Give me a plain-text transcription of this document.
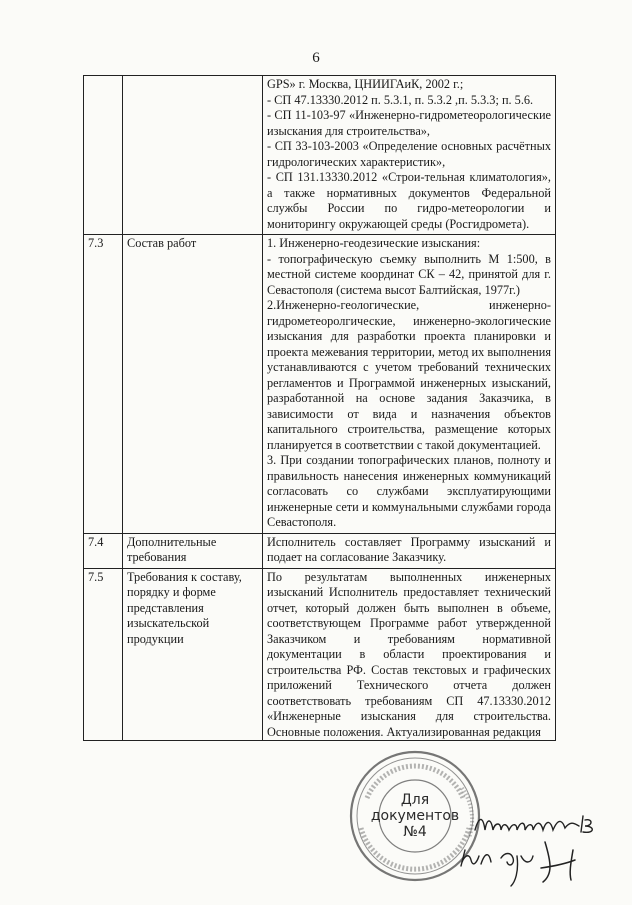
6

		GPS» г. Москва, ЦНИИГАиК, 2002 г.;
- СП 47.13330.2012 п. 5.3.1, п. 5.3.2 ,п. 5.3.3; п. 5.6.
- СП 11-103-97 «Инженерно-гидрометеорологические изыскания для строительства»,
- СП 33-103-2003 «Определение основных расчётных гидрологических характеристик»,
- СП 131.13330.2012 «Строи-тельная климатология», а также нормативных документов Федеральной службы России по гидро-метеорологии и мониторингу окружающей среды (Росгидромета).

7.3	Состав работ	1. Инженерно-геодезические изыскания:
- топографическую съемку выполнить М 1:500, в местной системе координат СК – 42, принятой для г. Севастополя (система высот Балтийская, 1977г.)
2.Инженерно-геологические, инженерно-гидрометеоролгические, инженерно-экологические изыскания для разработки проекта планировки и проекта межевания территории, метод их выполнения устанавливаются с учетом требований технических регламентов и Программой инженерных изысканий, разработанной на основе задания Заказчика, в зависимости от вида и назначения объектов капитального строительства, размещение которых планируется в соответствии с такой документацией.
3. При создании топографических планов, полноту и правильность нанесения инженерных коммуникаций согласовать со службами эксплуатирующими инженерные сети и коммунальными службами города Севастополя.

7.4	Дополнительные требования	Исполнитель составляет Программу изысканий и подает на согласование Заказчику.

7.5	Требования к составу, порядку и форме представления изыскательской продукции	По результатам выполненных инженерных изысканий Исполнитель предоставляет технический отчет, который должен быть выполнен в объеме, соответствующем Программе работ утвержденной Заказчиком и требованиям нормативной документации в области проектирования и строительства РФ. Состав текстовых и графических приложений Технического отчета должен соответствовать требованиям СП 47.13330.2012 «Инженерные изыскания для строительства. Основные положения. Актуализированная редакция
Для
документов
№4
